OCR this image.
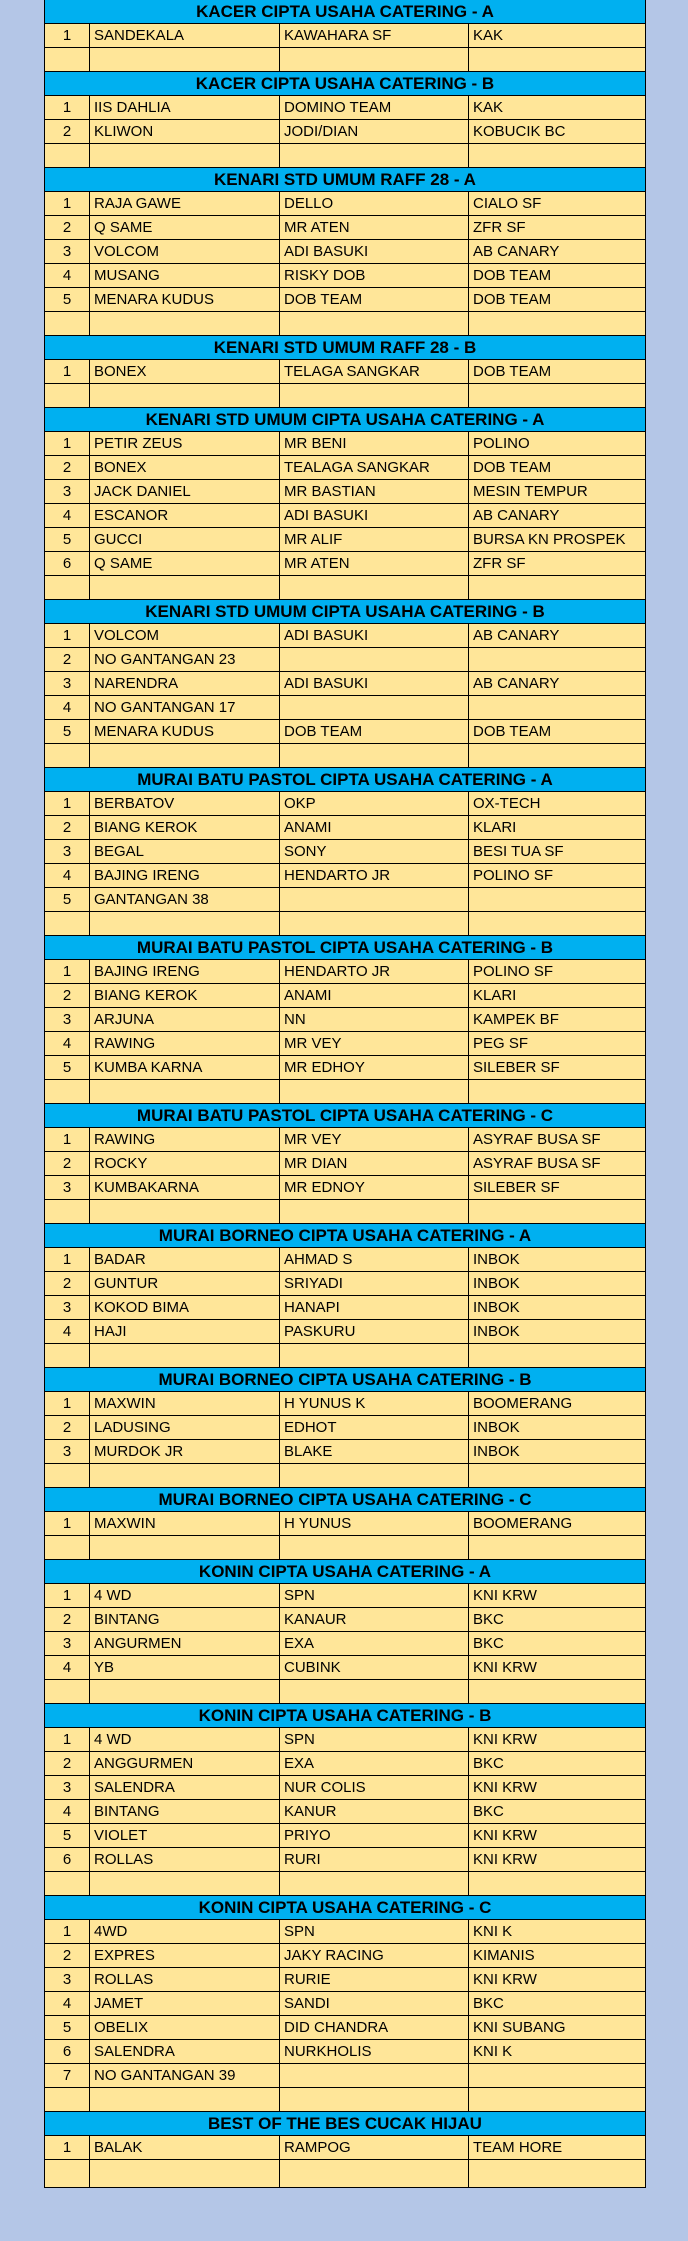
KACER CIPTA USAHA CATERING - A
1	SANDEKALA	KAWAHARA SF	KAK
KACER CIPTA USAHA CATERING - B
1	IIS DAHLIA	DOMINO TEAM	KAK
2	KLIWON	JODI/DIAN	KOBUCIK BC
KENARI STD UMUM RAFF 28 - A
1	RAJA GAWE	DELLO	CIALO SF
2	Q SAME	MR ATEN	ZFR SF
3	VOLCOM	ADI BASUKI	AB CANARY
4	MUSANG	RISKY DOB	DOB TEAM
5	MENARA KUDUS	DOB TEAM	DOB TEAM
KENARI STD UMUM RAFF 28 - B
1	BONEX	TELAGA SANGKAR	DOB TEAM
KENARI STD UMUM CIPTA USAHA CATERING - A
1	PETIR ZEUS	MR BENI	POLINO
2	BONEX	TEALAGA SANGKAR	DOB TEAM
3	JACK DANIEL	MR BASTIAN	MESIN TEMPUR
4	ESCANOR	ADI BASUKI	AB CANARY
5	GUCCI	MR ALIF	BURSA KN PROSPEK
6	Q SAME	MR ATEN	ZFR SF
KENARI STD UMUM CIPTA USAHA CATERING - B
1	VOLCOM	ADI BASUKI	AB CANARY
2	NO GANTANGAN 23
3	NARENDRA	ADI BASUKI	AB CANARY
4	NO GANTANGAN 17
5	MENARA KUDUS	DOB TEAM	DOB TEAM
MURAI BATU PASTOL CIPTA USAHA CATERING - A
1	BERBATOV	OKP	OX-TECH
2	BIANG KEROK	ANAMI	KLARI
3	BEGAL	SONY	BESI TUA SF
4	BAJING IRENG	HENDARTO JR	POLINO SF
5	GANTANGAN 38
MURAI BATU PASTOL CIPTA USAHA CATERING - B
1	BAJING IRENG	HENDARTO JR	POLINO SF
2	BIANG KEROK	ANAMI	KLARI
3	ARJUNA	NN	KAMPEK BF
4	RAWING	MR VEY	PEG SF
5	KUMBA KARNA	MR EDHOY	SILEBER SF
MURAI BATU PASTOL CIPTA USAHA CATERING - C
1	RAWING	MR VEY	ASYRAF BUSA SF
2	ROCKY	MR DIAN	ASYRAF BUSA SF
3	KUMBAKARNA	MR EDNOY	SILEBER SF
MURAI BORNEO CIPTA USAHA CATERING - A
1	BADAR	AHMAD S	INBOK
2	GUNTUR	SRIYADI	INBOK
3	KOKOD BIMA	HANAPI	INBOK
4	HAJI	PASKURU	INBOK
MURAI BORNEO CIPTA USAHA CATERING - B
1	MAXWIN	H YUNUS K	BOOMERANG
2	LADUSING	EDHOT	INBOK
3	MURDOK JR	BLAKE	INBOK
MURAI BORNEO CIPTA USAHA CATERING - C
1	MAXWIN	H YUNUS	BOOMERANG
KONIN CIPTA USAHA CATERING - A
1	4 WD	SPN	KNI KRW
2	BINTANG	KANAUR	BKC
3	ANGURMEN	EXA	BKC
4	YB	CUBINK	KNI KRW
KONIN CIPTA USAHA CATERING - B
1	4 WD	SPN	KNI KRW
2	ANGGURMEN	EXA	BKC
3	SALENDRA	NUR COLIS	KNI KRW
4	BINTANG	KANUR	BKC
5	VIOLET	PRIYO	KNI KRW
6	ROLLAS	RURI	KNI KRW
KONIN CIPTA USAHA CATERING - C
1	4WD	SPN	KNI K
2	EXPRES	JAKY RACING	KIMANIS
3	ROLLAS	RURIE	KNI KRW
4	JAMET	SANDI	BKC
5	OBELIX	DID CHANDRA	KNI SUBANG
6	SALENDRA	NURKHOLIS	KNI K
7	NO GANTANGAN 39
BEST OF THE BES CUCAK HIJAU
1	BALAK	RAMPOG	TEAM HORE
